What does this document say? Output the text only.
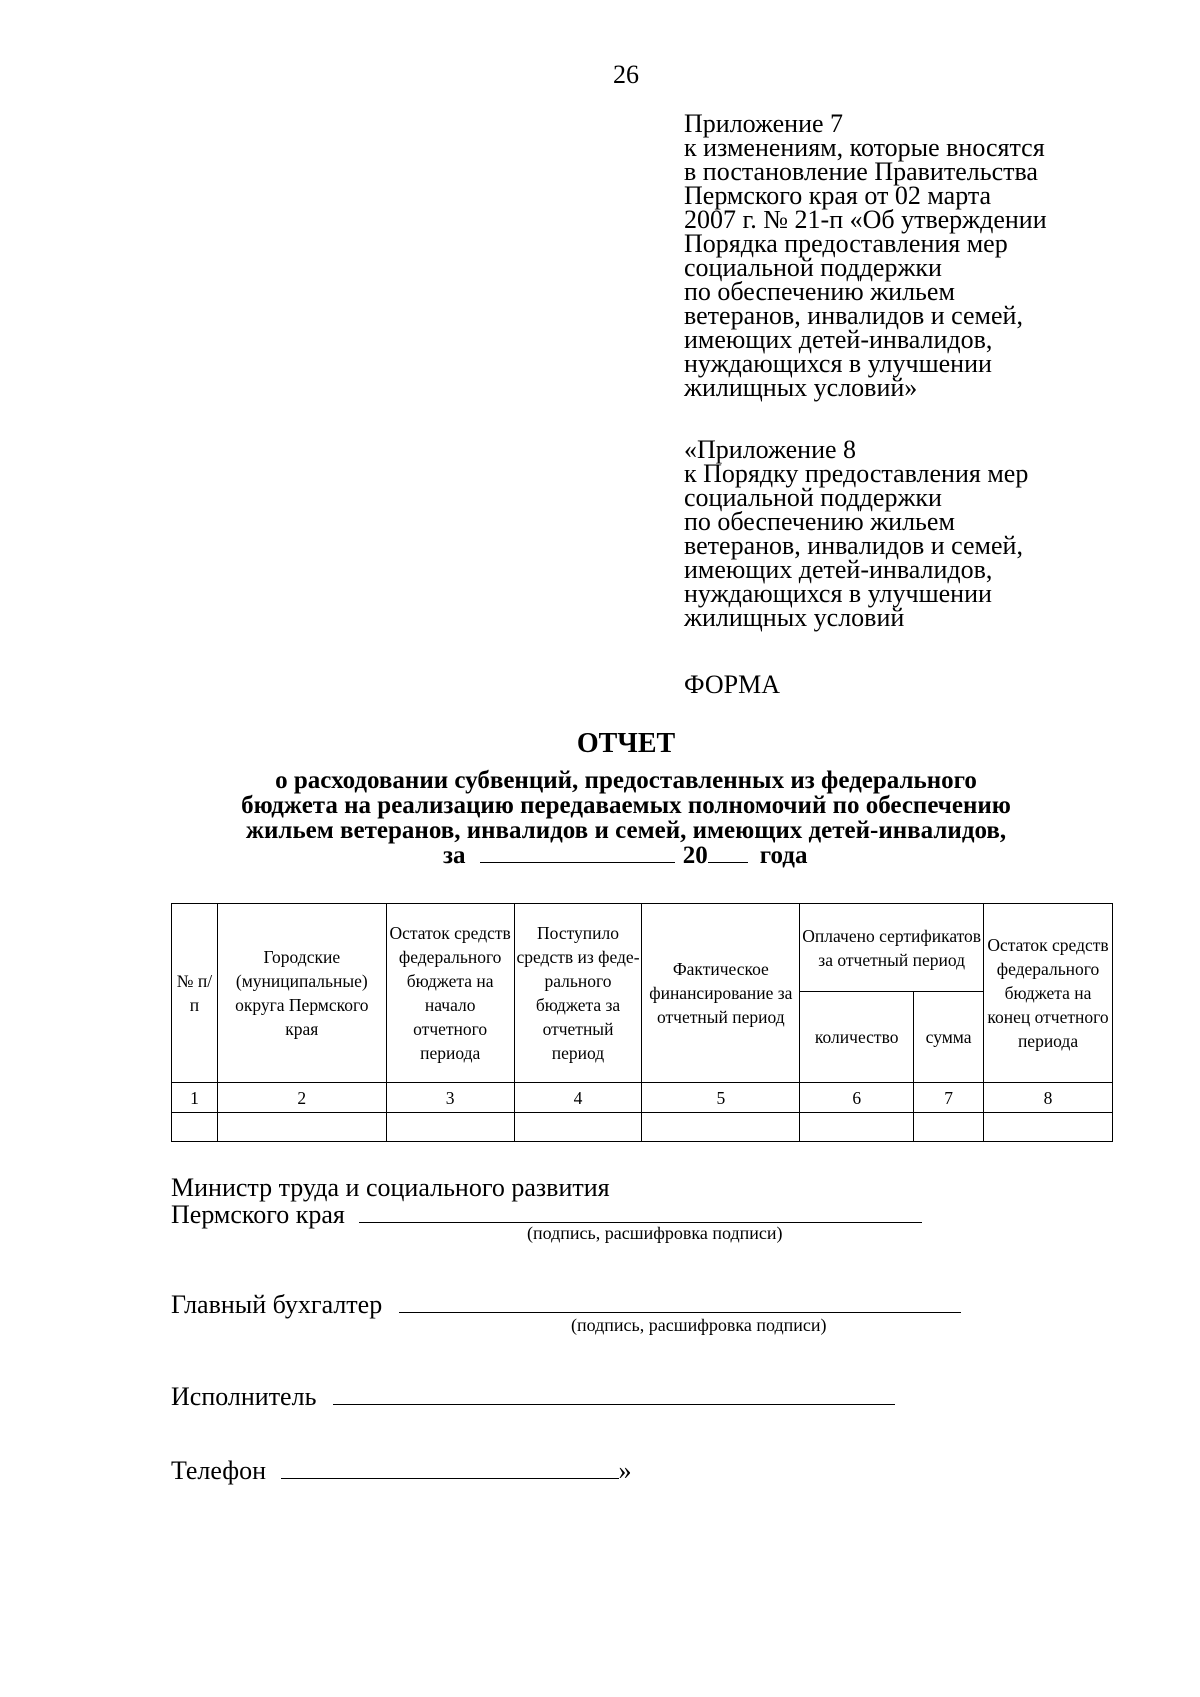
26

Приложение 7

к изменениям, которые вносятся

в постановление Правительства

Пермского края от 02 марта

2007 г. № 21-п «Об утверждении

Порядка предоставления мер

социальной поддержки

по обеспечению жильем

ветеранов, инвалидов и семей,

имеющих детей-инвалидов,

нуждающихся в улучшении

жилищных условий»

«Приложение 8

к Порядку предоставления мер

социальной поддержки

по обеспечению жильем

ветеранов, инвалидов и семей,

имеющих детей-инвалидов,

нуждающихся в улучшении

жилищных условий

ФОРМА
ОТЧЕТ

о расходовании субвенций, предоставленных из федерального

бюджета на реализацию передаваемых полномочий по обеспечению

жильем ветеранов, инвалидов и семей, имеющих детей-инвалидов,

за	20 года
№ п/п	Городские (муниципальные) округа Пермского края	Остаток средств федерального бюджета на начало отчетного периода	Поступило средств из феде-рального бюджета за отчетный период	Фактическое финансирование за отчетный период	Оплачено сертификатов за отчетный период		Остаток средств федерального бюджета на конец отчетного периода
					количество	сумма	
1	2	3	4	5	6	7	8

Министр труда и социального развития

Пермского края

(подпись, расшифровка подписи)

Главный бухгалтер

(подпись, расшифровка подписи)

Исполнитель

Телефон	»
